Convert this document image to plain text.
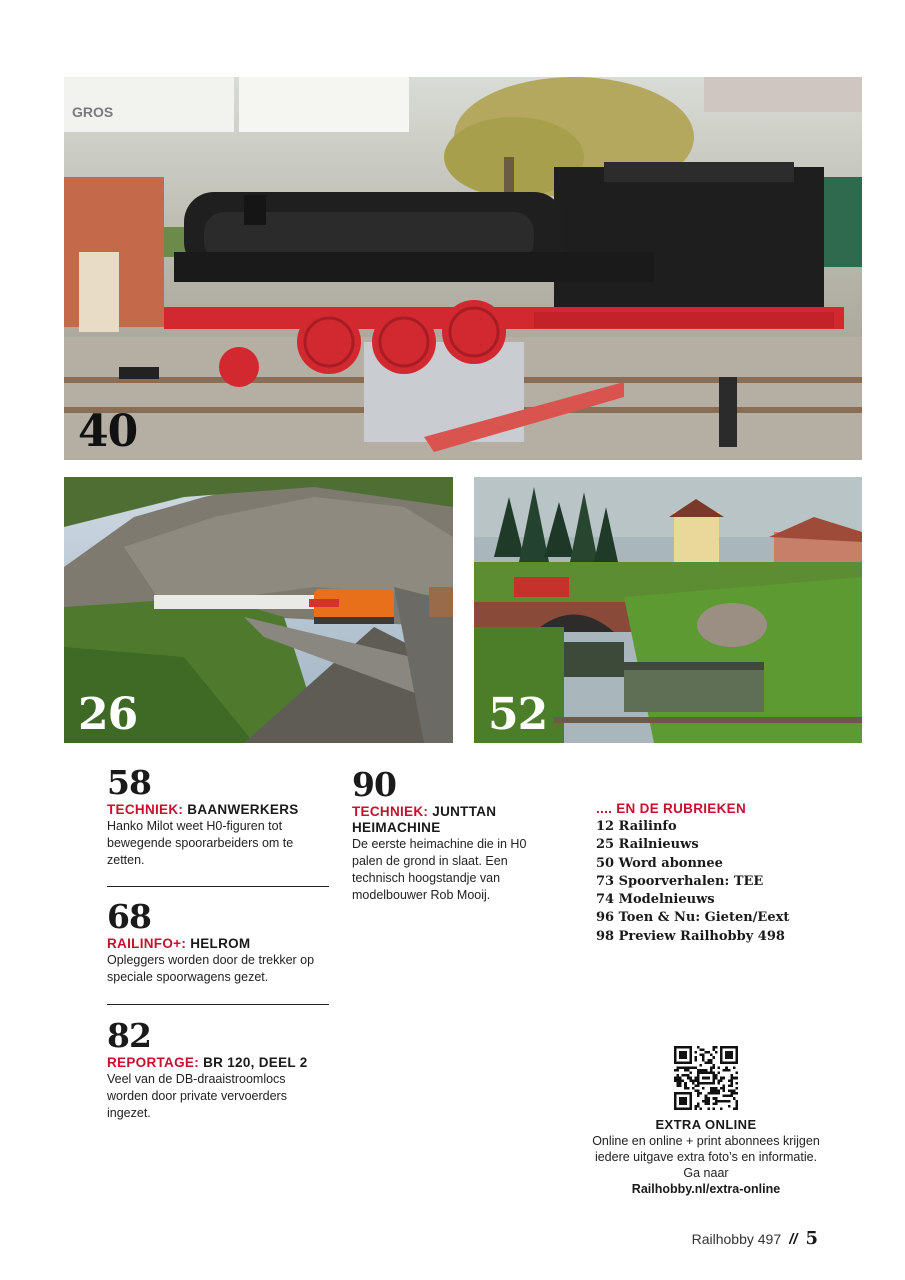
GROS
40
26	52
58
TECHNIEK: BAANWERKERS
Hanko Milot weet H0-figuren tot bewegende spoorarbeiders om te zetten.
68
RAILINFO+: HELROM
Opleggers worden door de trekker op speciale spoorwagens gezet.
82
REPORTAGE: BR 120, DEEL 2
Veel van de DB-draaistroomlocs worden door private vervoerders ingezet.
90
TECHNIEK: JUNTTAN HEIMACHINE
De eerste heimachine die in H0 palen de grond in slaat. Een technisch hoogstandje van modelbouwer Rob Mooij.
.... EN DE RUBRIEKEN
12 Railinfo
25 Railnieuws
50 Word abonnee
73 Spoorverhalen: TEE
74 Modelnieuws
96 Toen & Nu: Gieten/Eext
98 Preview Railhobby 498
EXTRA ONLINE
Online en online + print abonnees krijgen iedere uitgave extra foto’s en informatie. Ga naar
Railhobby.nl/extra-online
Railhobby 497 // 5
